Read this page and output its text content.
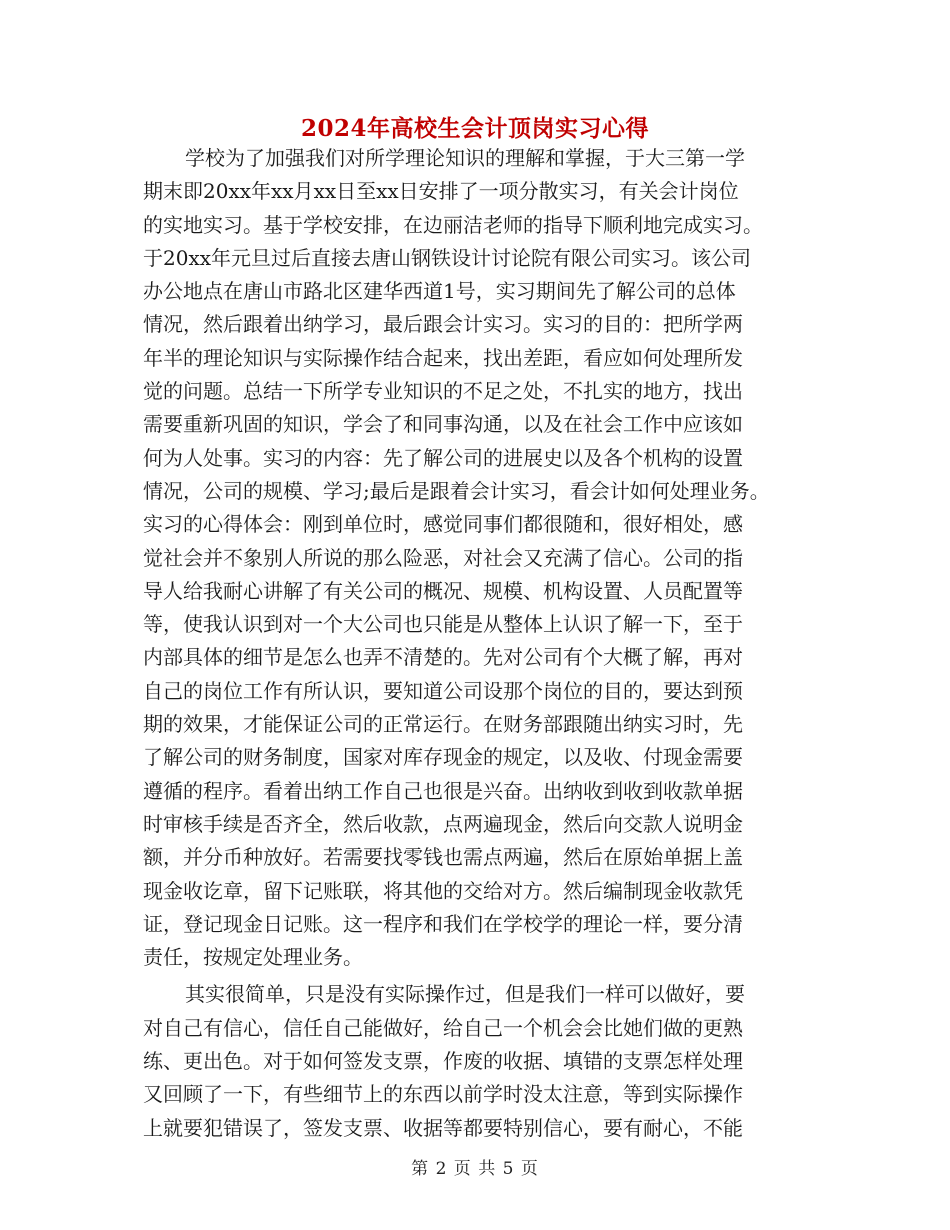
2024年高校生会计顶岗实习心得
学校为了加强我们对所学理论知识的理解和掌握，于大三第一学
期末即20xx年xx月xx日至xx日安排了一项分散实习，有关会计岗位
的实地实习。基于学校安排，在边丽洁老师的指导下顺利地完成实习。
于20xx年元旦过后直接去唐山钢铁设计讨论院有限公司实习。该公司
办公地点在唐山市路北区建华西道1号，实习期间先了解公司的总体
情况，然后跟着出纳学习，最后跟会计实习。实习的目的：把所学两
年半的理论知识与实际操作结合起来，找出差距，看应如何处理所发
觉的问题。总结一下所学专业知识的不足之处，不扎实的地方，找出
需要重新巩固的知识，学会了和同事沟通，以及在社会工作中应该如
何为人处事。实习的内容：先了解公司的进展史以及各个机构的设置
情况，公司的规模、学习;最后是跟着会计实习，看会计如何处理业务。
实习的心得体会：刚到单位时，感觉同事们都很随和，很好相处，感
觉社会并不象别人所说的那么险恶，对社会又充满了信心。公司的指
导人给我耐心讲解了有关公司的概况、规模、机构设置、人员配置等
等，使我认识到对一个大公司也只能是从整体上认识了解一下，至于
内部具体的细节是怎么也弄不清楚的。先对公司有个大概了解，再对
自己的岗位工作有所认识，要知道公司设那个岗位的目的，要达到预
期的效果，才能保证公司的正常运行。在财务部跟随出纳实习时，先
了解公司的财务制度，国家对库存现金的规定，以及收、付现金需要
遵循的程序。看着出纳工作自己也很是兴奋。出纳收到收到收款单据
时审核手续是否齐全，然后收款，点两遍现金，然后向交款人说明金
额，并分币种放好。若需要找零钱也需点两遍，然后在原始单据上盖
现金收讫章，留下记账联，将其他的交给对方。然后编制现金收款凭
证，登记现金日记账。这一程序和我们在学校学的理论一样，要分清
责任，按规定处理业务。
其实很简单，只是没有实际操作过，但是我们一样可以做好，要
对自己有信心，信任自己能做好，给自己一个机会会比她们做的更熟
练、更出色。对于如何签发支票，作废的收据、填错的支票怎样处理
又回顾了一下，有些细节上的东西以前学时没太注意，等到实际操作
上就要犯错误了，签发支票、收据等都要特别信心，要有耐心，不能
第 2 页 共 5 页
